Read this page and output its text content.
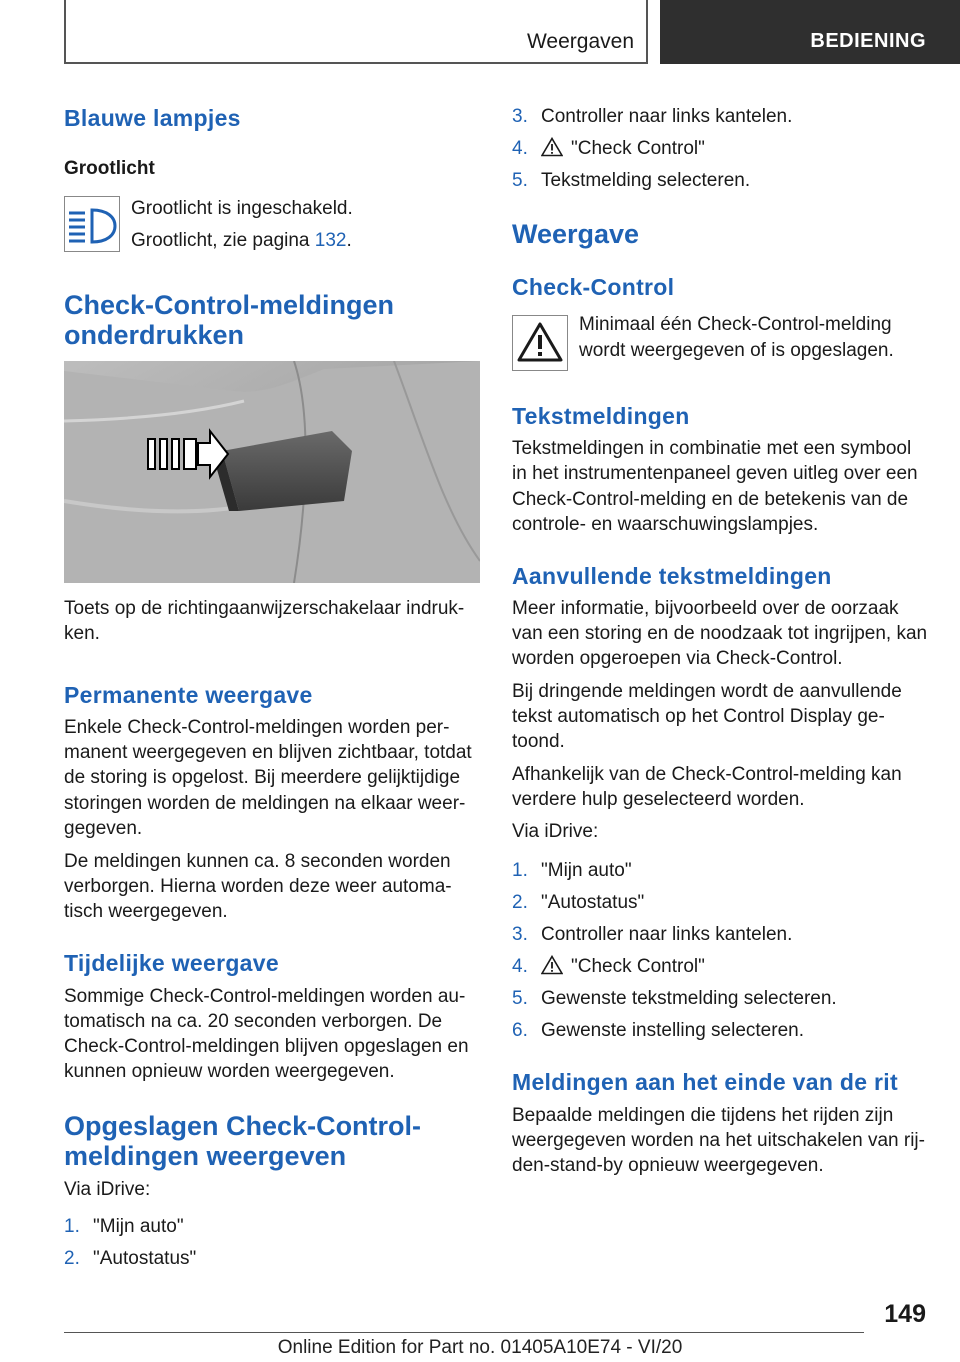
Weergaven	BEDIENING
Blauwe lampjes
Grootlicht

Grootlicht is ingeschakeld.

Grootlicht, zie pagina 132.

Check-Control-meldingen
onderdrukken

Toets op de richtingaanwijzerschakelaar indruk-

ken.

Permanente weergave

Enkele Check-Control-meldingen worden per-

manent weergegeven en blijven zichtbaar, totdat

de storing is opgelost. Bij meerdere gelijktijdige

storingen worden de meldingen na elkaar weer-

gegeven.

De meldingen kunnen ca. 8 seconden worden

verborgen. Hierna worden deze weer automa-

tisch weergegeven.

Tijdelijke weergave

Sommige Check-Control-meldingen worden au-

tomatisch na ca. 20 seconden verborgen. De

Check-Control-meldingen blijven opgeslagen en

kunnen opnieuw worden weergegeven.

Opgeslagen Check-Control-
meldingen weergeven

Via iDrive:

1. "Mijn auto"
2. "Autostatus"
3. Controller naar links kantelen.
4.	"Check Control"
5. Tekstmelding selecteren.
Weergave
Check-Control

Minimaal één Check-Control-melding

wordt weergegeven of is opgeslagen.

Tekstmeldingen

Tekstmeldingen in combinatie met een symbool

in het instrumentenpaneel geven uitleg over een

Check-Control-melding en de betekenis van de

controle- en waarschuwingslampjes.

Aanvullende tekstmeldingen

Meer informatie, bijvoorbeeld over de oorzaak

van een storing en de noodzaak tot ingrijpen, kan

worden opgeroepen via Check-Control.

Bij dringende meldingen wordt de aanvullende

tekst automatisch op het Control Display ge-

toond.

Afhankelijk van de Check-Control-melding kan

verdere hulp geselecteerd worden.

Via iDrive:

1. "Mijn auto"
2. "Autostatus"
3. Controller naar links kantelen.
4.	"Check Control"
5. Gewenste tekstmelding selecteren.
6. Gewenste instelling selecteren.
Meldingen aan het einde van de rit

Bepaalde meldingen die tijdens het rijden zijn

weergegeven worden na het uitschakelen van rij-

den-stand-by opnieuw weergegeven.

149
Online Edition for Part no. 01405A10E74 - VI/20
